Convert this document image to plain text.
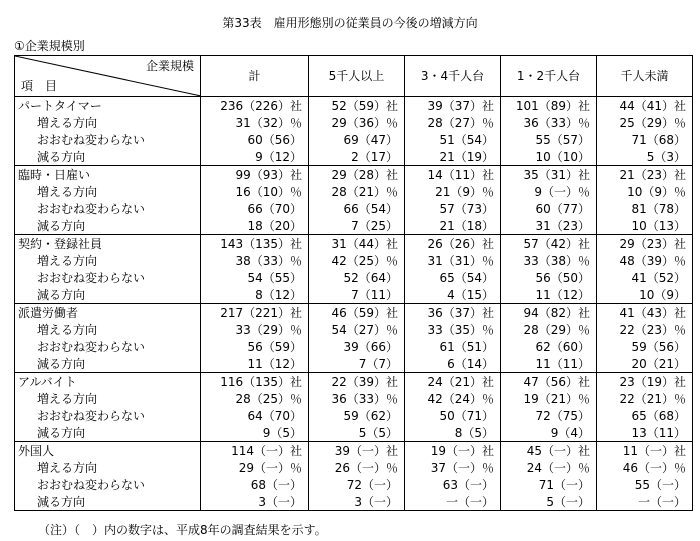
第33表　雇用形態別の従業員の今後の増減方向
①企業規模別
企業規模
項　目	計	5千人以上	3・4千人台	1・2千人台	千人未満
パートタイマー	236（226）社	52（59）社	39（37）社	101（89）社	44（41）社
増える方向	31（32）％	29（36）％	28（27）％	36（33）％	25（29）％
おおむね変わらない	60（56）	69（47）	51（54）	55（57）	71（68）
減る方向	9（12）	2（17）	21（19）	10（10）	5（3）
臨時・日雇い	99（93）社	29（28）社	14（11）社	35（31）社	21（23）社
増える方向	16（10）％	28（21）％	21（9）％	9（一）％	10（9）％
おおむね変わらない	66（70）	66（54）	57（73）	60（77）	81（78）
減る方向	18（20）	7（25）	21（18）	31（23）	10（13）
契約・登録社員	143（135）社	31（44）社	26（26）社	57（42）社	29（23）社
増える方向	38（33）％	42（25）％	31（31）％	33（38）％	48（39）％
おおむね変わらない	54（55）	52（64）	65（54）	56（50）	41（52）
減る方向	8（12）	7（11）	4（15）	11（12）	10（9）
派遣労働者	217（221）社	46（59）社	36（37）社	94（82）社	41（43）社
増える方向	33（29）％	54（27）％	33（35）％	28（29）％	22（23）％
おおむね変わらない	56（59）	39（66）	61（51）	62（60）	59（56）
減る方向	11（12）	7（7）	6（14）	11（11）	20（21）
アルバイト	116（135）社	22（39）社	24（21）社	47（56）社	23（19）社
増える方向	28（25）％	36（33）％	42（24）％	19（21）％	22（21）％
おおむね変わらない	64（70）	59（62）	50（71）	72（75）	65（68）
減る方向	9（5）	5（5）	8（5）	9（4）	13（11）
外国人	114（一）社	39（一）社	19（一）社	45（一）社	11（一）社
増える方向	29（一）％	26（一）％	37（一）％	24（一）％	46（一）％
おおむね変わらない	68（一）	72（一）	63（一）	71（一）	55（一）
減る方向	3（一）	3（一）	一（一）	5（一）	一（一）
（注）（　）内の数字は、平成8年の調査結果を示す。
